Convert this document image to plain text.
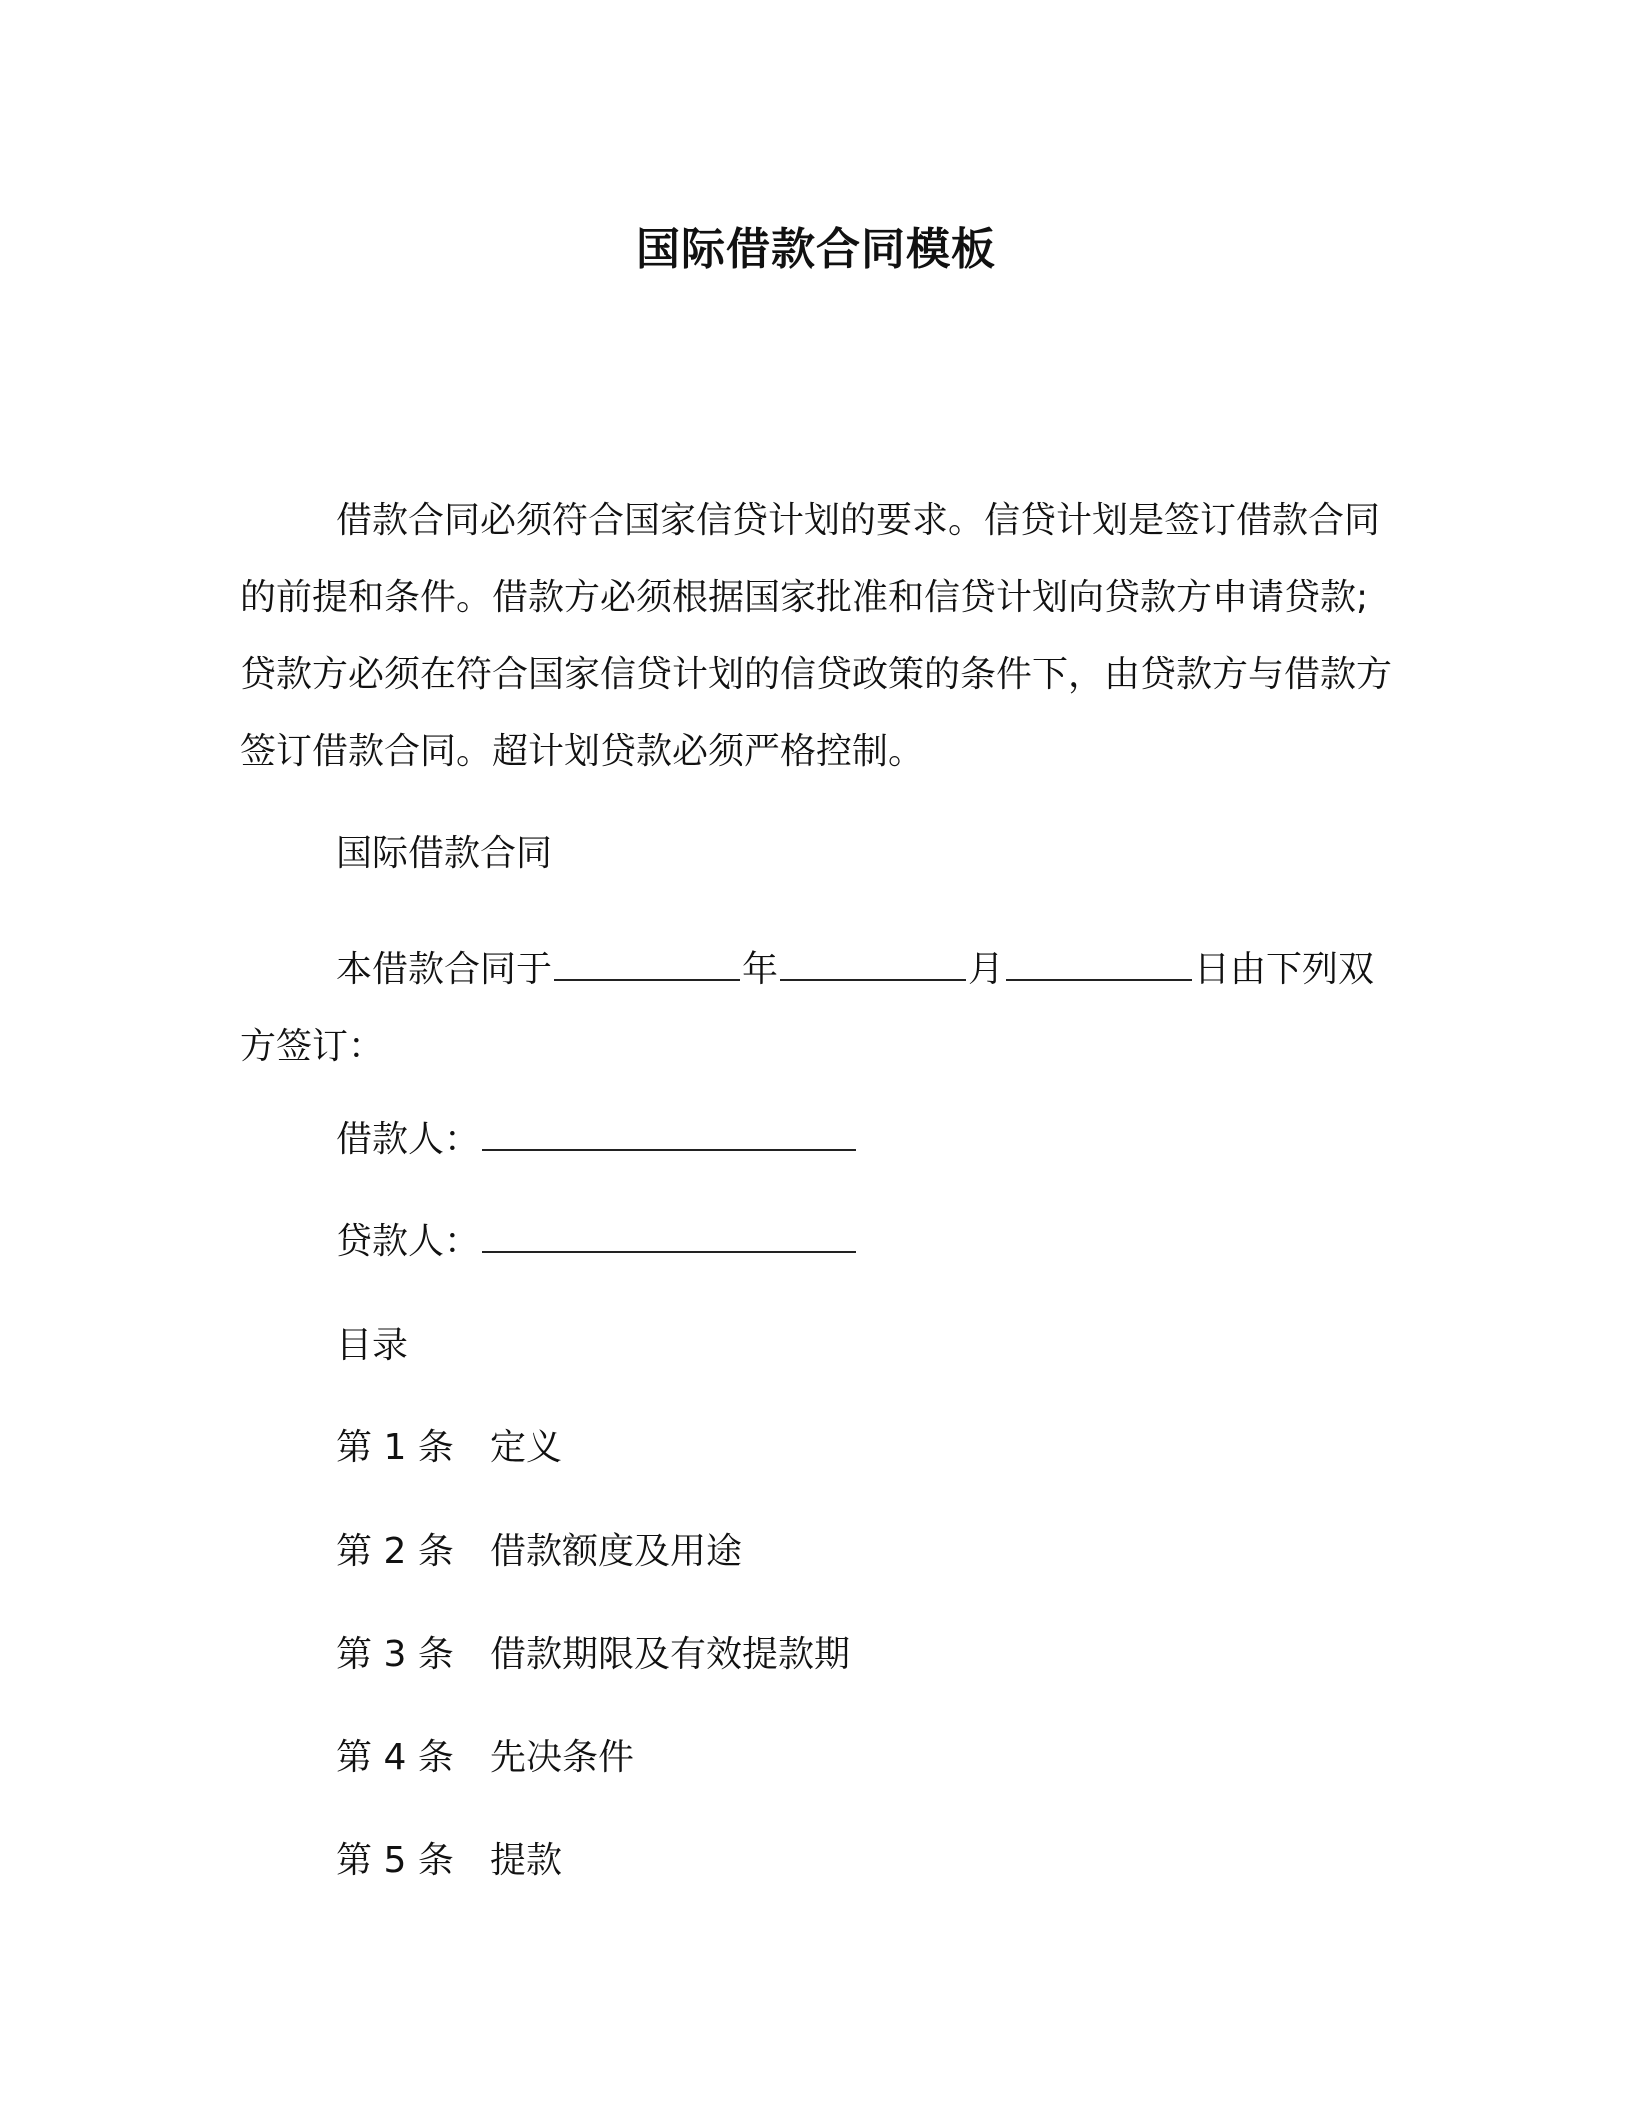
国际借款合同模板
借款合同必须符合国家信贷计划的要求。信贷计划是签订借款合同的前提和条件。借款方必须根据国家批准和信贷计划向贷款方申请贷款;贷款方必须在符合国家信贷计划的信贷政策的条件下，由贷款方与借款方签订借款合同。超计划贷款必须严格控制。
国际借款合同
本借款合同于	年	月	日由下列双方签订：
借款人：
贷款人：
目录
第 1 条	定义
第 2 条	借款额度及用途
第 3 条	借款期限及有效提款期
第 4 条	先决条件
第 5 条	提款
